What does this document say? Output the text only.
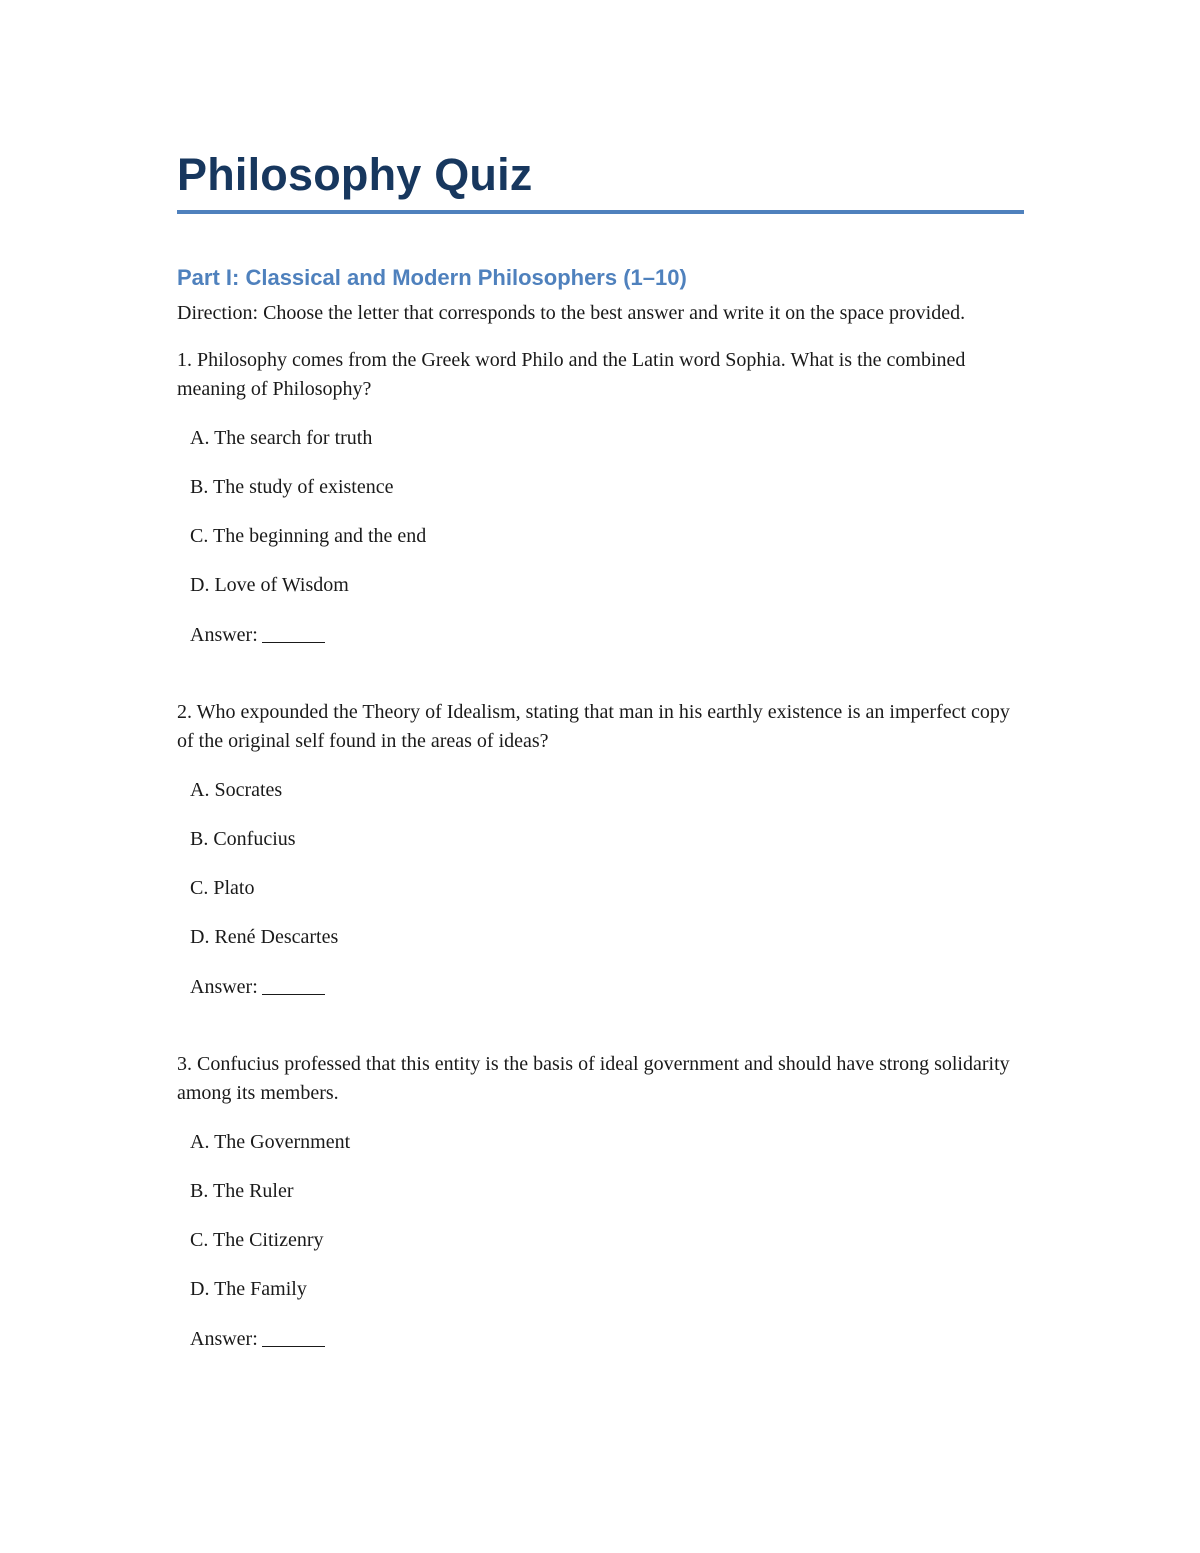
Philosophy Quiz
Part I: Classical and Modern Philosophers (1–10)

Direction: Choose the letter that corresponds to the best answer and write it on the space provided.

1. Philosophy comes from the Greek word Philo and the Latin word Sophia. What is the combined meaning of Philosophy?

A. The search for truth
B. The study of existence
C. The beginning and the end
D. Love of Wisdom
Answer:

2. Who expounded the Theory of Idealism, stating that man in his earthly existence is an imperfect copy of the original self found in the areas of ideas?

A. Socrates
B. Confucius
C. Plato
D. René Descartes
Answer:

3. Confucius professed that this entity is the basis of ideal government and should have strong solidarity among its members.

A. The Government
B. The Ruler
C. The Citizenry
D. The Family
Answer:
